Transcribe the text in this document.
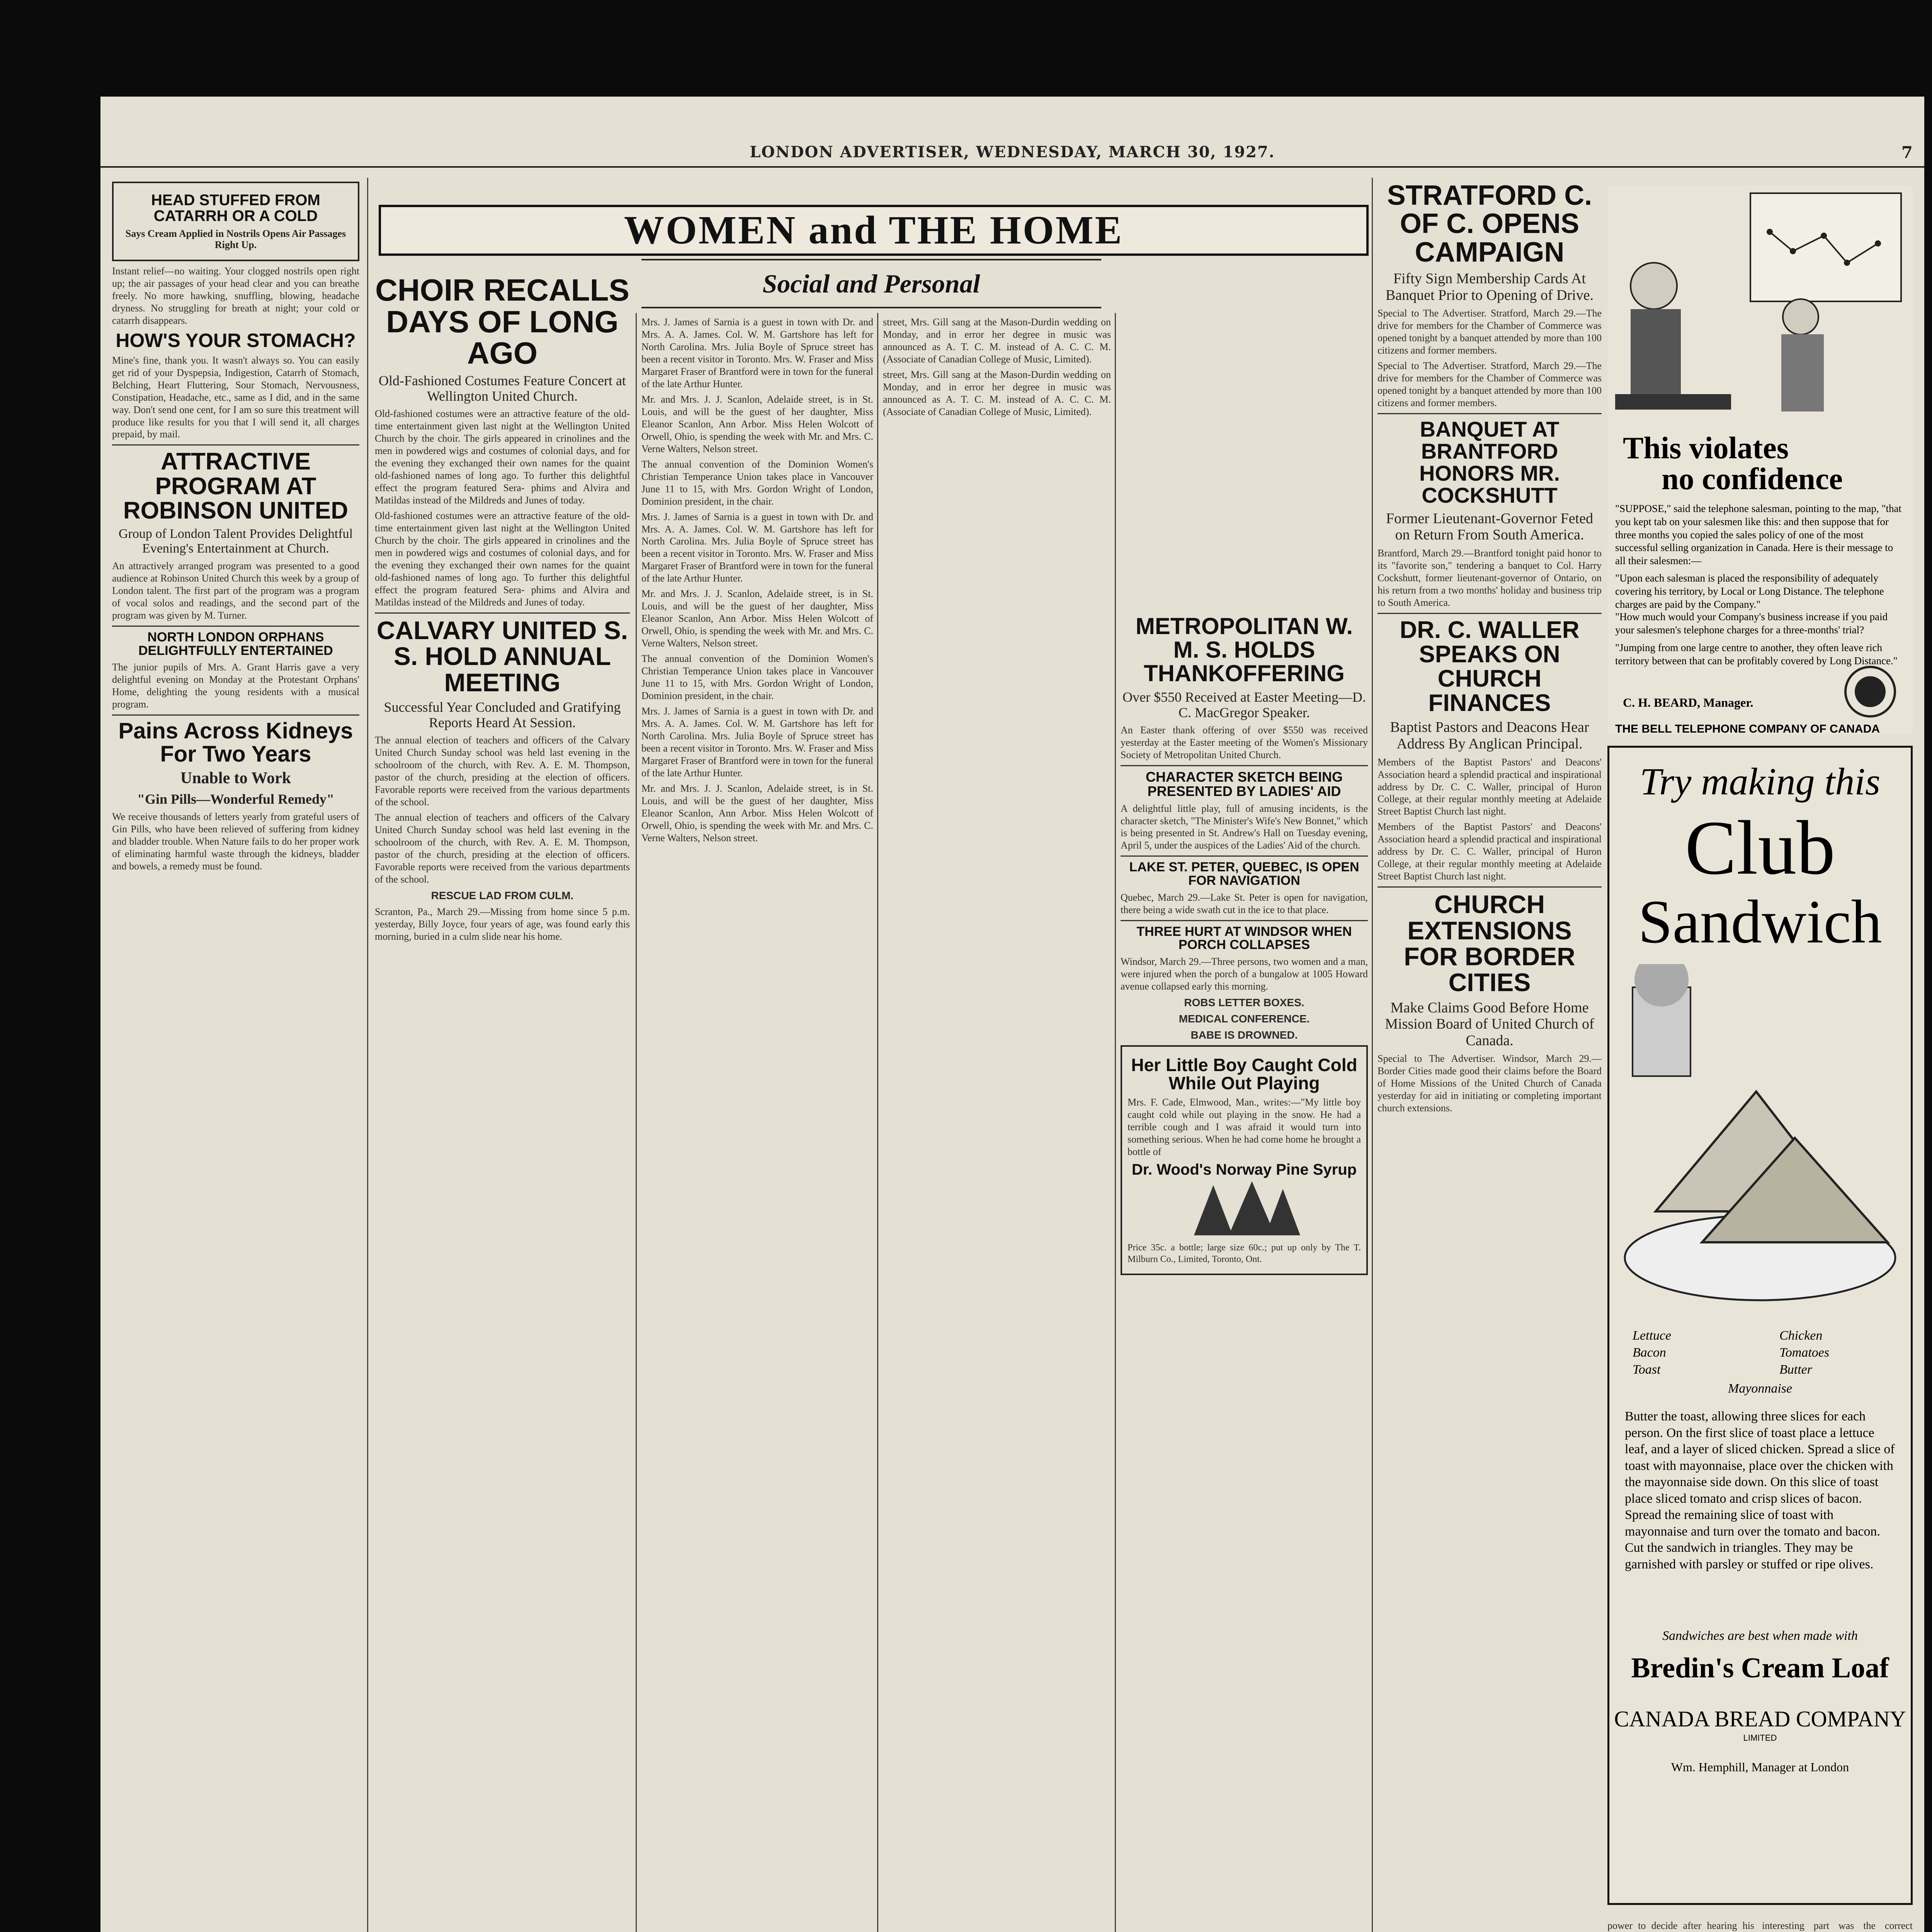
LONDON ADVERTISER, WEDNESDAY, MARCH 30, 1927.	7
HEAD STUFFED FROM CATARRH OR A COLD
Says Cream Applied in Nostrils Opens Air Passages Right Up.
Instant relief—no waiting. Your clogged nostrils open right up; the air passages of your head clear and you can breathe freely. No more hawking, snuffling, blowing, headache dryness. No struggling for breath at night; your cold or catarrh disappears.
HOW'S YOUR STOMACH?
Mine's fine, thank you. It wasn't always so. You can easily get rid of your Dyspepsia, Indigestion, Catarrh of Stomach, Belching, Heart Fluttering, Sour Stomach, Nervousness, Constipation, Headache, etc., same as I did, and in the same way. Don't send one cent, for I am so sure this treatment will produce like results for you that I will send it, all charges prepaid, by mail.
ATTRACTIVE PROGRAM AT ROBINSON UNITED
Group of London Talent Provides Delightful Evening's Entertainment at Church.
An attractively arranged program was presented to a good audience at Robinson United Church this week by a group of London talent. The first part of the program was a program of vocal solos and readings, and the second part of the program was given by M. Turner.
NORTH LONDON ORPHANS DELIGHTFULLY ENTERTAINED
The junior pupils of Mrs. A. Grant Harris gave a very delightful evening on Monday at the Protestant Orphans' Home, delighting the young residents with a musical program.
Pains Across Kidneys For Two Years
Unable to Work
"Gin Pills—Wonderful Remedy"
We receive thousands of letters yearly from grateful users of Gin Pills, who have been relieved of suffering from kidney and bladder trouble. When Nature fails to do her proper work of eliminating harmful waste through the kidneys, bladder and bowels, a remedy must be found.
WOMEN and THE HOME
Social and Personal
CHOIR RECALLS DAYS OF LONG AGO
Old-Fashioned Costumes Feature Concert at Wellington United Church.
Old-fashioned costumes were an attractive feature of the old-time entertainment given last night at the Wellington United Church by the choir. The girls appeared in crinolines and the men in powdered wigs and costumes of colonial days, and for the evening they exchanged their own names for the quaint old-fashioned names of long ago. To further this delightful effect the program featured Sera- phims and Alvira and Matildas instead of the Mildreds and Junes of today.
Old-fashioned costumes were an attractive feature of the old-time entertainment given last night at the Wellington United Church by the choir. The girls appeared in crinolines and the men in powdered wigs and costumes of colonial days, and for the evening they exchanged their own names for the quaint old-fashioned names of long ago. To further this delightful effect the program featured Sera- phims and Alvira and Matildas instead of the Mildreds and Junes of today.
CALVARY UNITED S. S. HOLD ANNUAL MEETING
Successful Year Concluded and Gratifying Reports Heard At Session.
The annual election of teachers and officers of the Calvary United Church Sunday school was held last evening in the schoolroom of the church, with Rev. A. E. M. Thompson, pastor of the church, presiding at the election of officers. Favorable reports were received from the various departments of the school.
The annual election of teachers and officers of the Calvary United Church Sunday school was held last evening in the schoolroom of the church, with Rev. A. E. M. Thompson, pastor of the church, presiding at the election of officers. Favorable reports were received from the various departments of the school.
RESCUE LAD FROM CULM.
Scranton, Pa., March 29.—Missing from home since 5 p.m. yesterday, Billy Joyce, four years of age, was found early this morning, buried in a culm slide near his home.
Mrs. J. James of Sarnia is a guest in town with Dr. and Mrs. A. A. James. Col. W. M. Gartshore has left for North Carolina. Mrs. Julia Boyle of Spruce street has been a recent visitor in Toronto. Mrs. W. Fraser and Miss Margaret Fraser of Brantford were in town for the funeral of the late Arthur Hunter.
Mr. and Mrs. J. J. Scanlon, Adelaide street, is in St. Louis, and will be the guest of her daughter, Miss Eleanor Scanlon, Ann Arbor. Miss Helen Wolcott of Orwell, Ohio, is spending the week with Mr. and Mrs. C. Verne Walters, Nelson street.
The annual convention of the Dominion Women's Christian Temperance Union takes place in Vancouver June 11 to 15, with Mrs. Gordon Wright of London, Dominion president, in the chair.
Mrs. J. James of Sarnia is a guest in town with Dr. and Mrs. A. A. James. Col. W. M. Gartshore has left for North Carolina. Mrs. Julia Boyle of Spruce street has been a recent visitor in Toronto. Mrs. W. Fraser and Miss Margaret Fraser of Brantford were in town for the funeral of the late Arthur Hunter.
Mr. and Mrs. J. J. Scanlon, Adelaide street, is in St. Louis, and will be the guest of her daughter, Miss Eleanor Scanlon, Ann Arbor. Miss Helen Wolcott of Orwell, Ohio, is spending the week with Mr. and Mrs. C. Verne Walters, Nelson street.
The annual convention of the Dominion Women's Christian Temperance Union takes place in Vancouver June 11 to 15, with Mrs. Gordon Wright of London, Dominion president, in the chair.
Mrs. J. James of Sarnia is a guest in town with Dr. and Mrs. A. A. James. Col. W. M. Gartshore has left for North Carolina. Mrs. Julia Boyle of Spruce street has been a recent visitor in Toronto. Mrs. W. Fraser and Miss Margaret Fraser of Brantford were in town for the funeral of the late Arthur Hunter.
Mr. and Mrs. J. J. Scanlon, Adelaide street, is in St. Louis, and will be the guest of her daughter, Miss Eleanor Scanlon, Ann Arbor. Miss Helen Wolcott of Orwell, Ohio, is spending the week with Mr. and Mrs. C. Verne Walters, Nelson street.
street, Mrs. Gill sang at the Mason-Durdin wedding on Monday, and in error her degree in music was announced as A. T. C. M. instead of A. C. C. M. (Associate of Canadian College of Music, Limited).
street, Mrs. Gill sang at the Mason-Durdin wedding on Monday, and in error her degree in music was announced as A. T. C. M. instead of A. C. C. M. (Associate of Canadian College of Music, Limited).
METROPOLITAN W. M. S. HOLDS THANKOFFERING
Over $550 Received at Easter Meeting—D. C. MacGregor Speaker.
An Easter thank offering of over $550 was received yesterday at the Easter meeting of the Women's Missionary Society of Metropolitan United Church.
CHARACTER SKETCH BEING PRESENTED BY LADIES' AID
A delightful little play, full of amusing incidents, is the character sketch, "The Minister's Wife's New Bonnet," which is being presented in St. Andrew's Hall on Tuesday evening, April 5, under the auspices of the Ladies' Aid of the church.
LAKE ST. PETER, QUEBEC, IS OPEN FOR NAVIGATION
Quebec, March 29.—Lake St. Peter is open for navigation, there being a wide swath cut in the ice to that place.
THREE HURT AT WINDSOR WHEN PORCH COLLAPSES
Windsor, March 29.—Three persons, two women and a man, were injured when the porch of a bungalow at 1005 Howard avenue collapsed early this morning.
ROBS LETTER BOXES.
MEDICAL CONFERENCE.
BABE IS DROWNED.
Her Little Boy Caught Cold While Out Playing
Mrs. F. Cade, Elmwood, Man., writes:—"My little boy caught cold while out playing in the snow. He had a terrible cough and I was afraid it would turn into something serious. When he had come home he brought a bottle of
Dr. Wood's Norway Pine Syrup
Price 35c. a bottle; large size 60c.; put up only by The T. Milburn Co., Limited, Toronto, Ont.
STRATFORD C. OF C. OPENS CAMPAIGN
Fifty Sign Membership Cards At Banquet Prior to Opening of Drive.
Special to The Advertiser. Stratford, March 29.—The drive for members for the Chamber of Commerce was opened tonight by a banquet attended by more than 100 citizens and former members.
Special to The Advertiser. Stratford, March 29.—The drive for members for the Chamber of Commerce was opened tonight by a banquet attended by more than 100 citizens and former members.
BANQUET AT BRANTFORD HONORS MR. COCKSHUTT
Former Lieutenant-Governor Feted on Return From South America.
Brantford, March 29.—Brantford tonight paid honor to its "favorite son," tendering a banquet to Col. Harry Cockshutt, former lieutenant-governor of Ontario, on his return from a two months' holiday and business trip to South America.
DR. C. WALLER SPEAKS ON CHURCH FINANCES
Baptist Pastors and Deacons Hear Address By Anglican Principal.
Members of the Baptist Pastors' and Deacons' Association heard a splendid practical and inspirational address by Dr. C. C. Waller, principal of Huron College, at their regular monthly meeting at Adelaide Street Baptist Church last night.
Members of the Baptist Pastors' and Deacons' Association heard a splendid practical and inspirational address by Dr. C. C. Waller, principal of Huron College, at their regular monthly meeting at Adelaide Street Baptist Church last night.
CHURCH EXTENSIONS FOR BORDER CITIES
Make Claims Good Before Home Mission Board of United Church of Canada.
Special to The Advertiser. Windsor, March 29.—Border Cities made good their claims before the Board of Home Missions of the United Church of Canada yesterday for aid in initiating or completing important church extensions.
This violates
no confidence
"SUPPOSE," said the telephone salesman, pointing to the map, "that you kept tab on your salesmen like this: and then suppose that for three months you copied the sales policy of one of the most successful selling organization in Canada. Here is their message to all their salesmen:—
"Upon each salesman is placed the responsibility of adequately covering his territory, by Local or Long Distance. The telephone charges are paid by the Company."
"How much would your Company's business increase if you paid your salesmen's telephone charges for a three-months' trial?
"Jumping from one large centre to another, they often leave rich territory between that can be profitably covered by Long Distance."
C. H. BEARD, Manager.
THE BELL TELEPHONE COMPANY OF CANADA
Try making this
Club
Sandwich
Lettuce
Bacon
Toast
Chicken
Tomatoes
Butter
Mayonnaise
Butter the toast, allowing three slices for each person. On the first slice of toast place a lettuce leaf, and a layer of sliced chicken. Spread a slice of toast with mayonnaise, place over the chicken with the mayonnaise side down. On this slice of toast place sliced tomato and crisp slices of bacon. Spread the remaining slice of toast with mayonnaise and turn over the tomato and bacon. Cut the sandwich in triangles. They may be garnished with parsley or stuffed or ripe olives.
Sandwiches are best when made with
Bredin's Cream Loaf
CANADA BREAD COMPANY
LIMITED
Wm. Hemphill, Manager at London
power to decide after hearing his interesting part was the correct
